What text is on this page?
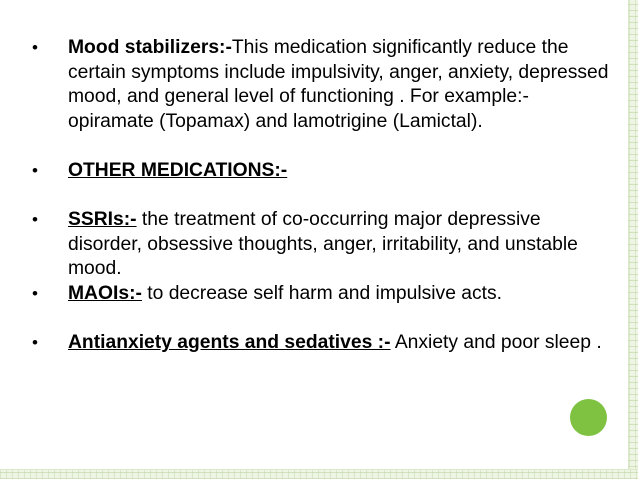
• Mood stabilizers:-This medication significantly reduce the certain symptoms include impulsivity, anger, anxiety, depressed mood, and general level of functioning . For example:- opiramate (Topamax) and lamotrigine (Lamictal).
• OTHER MEDICATIONS:-
• SSRIs:- the treatment of co-occurring major depressive disorder, obsessive thoughts, anger, irritability, and unstable mood.
• MAOIs:- to decrease self harm and impulsive acts.
• Antianxiety agents and sedatives :- Anxiety and poor sleep .
